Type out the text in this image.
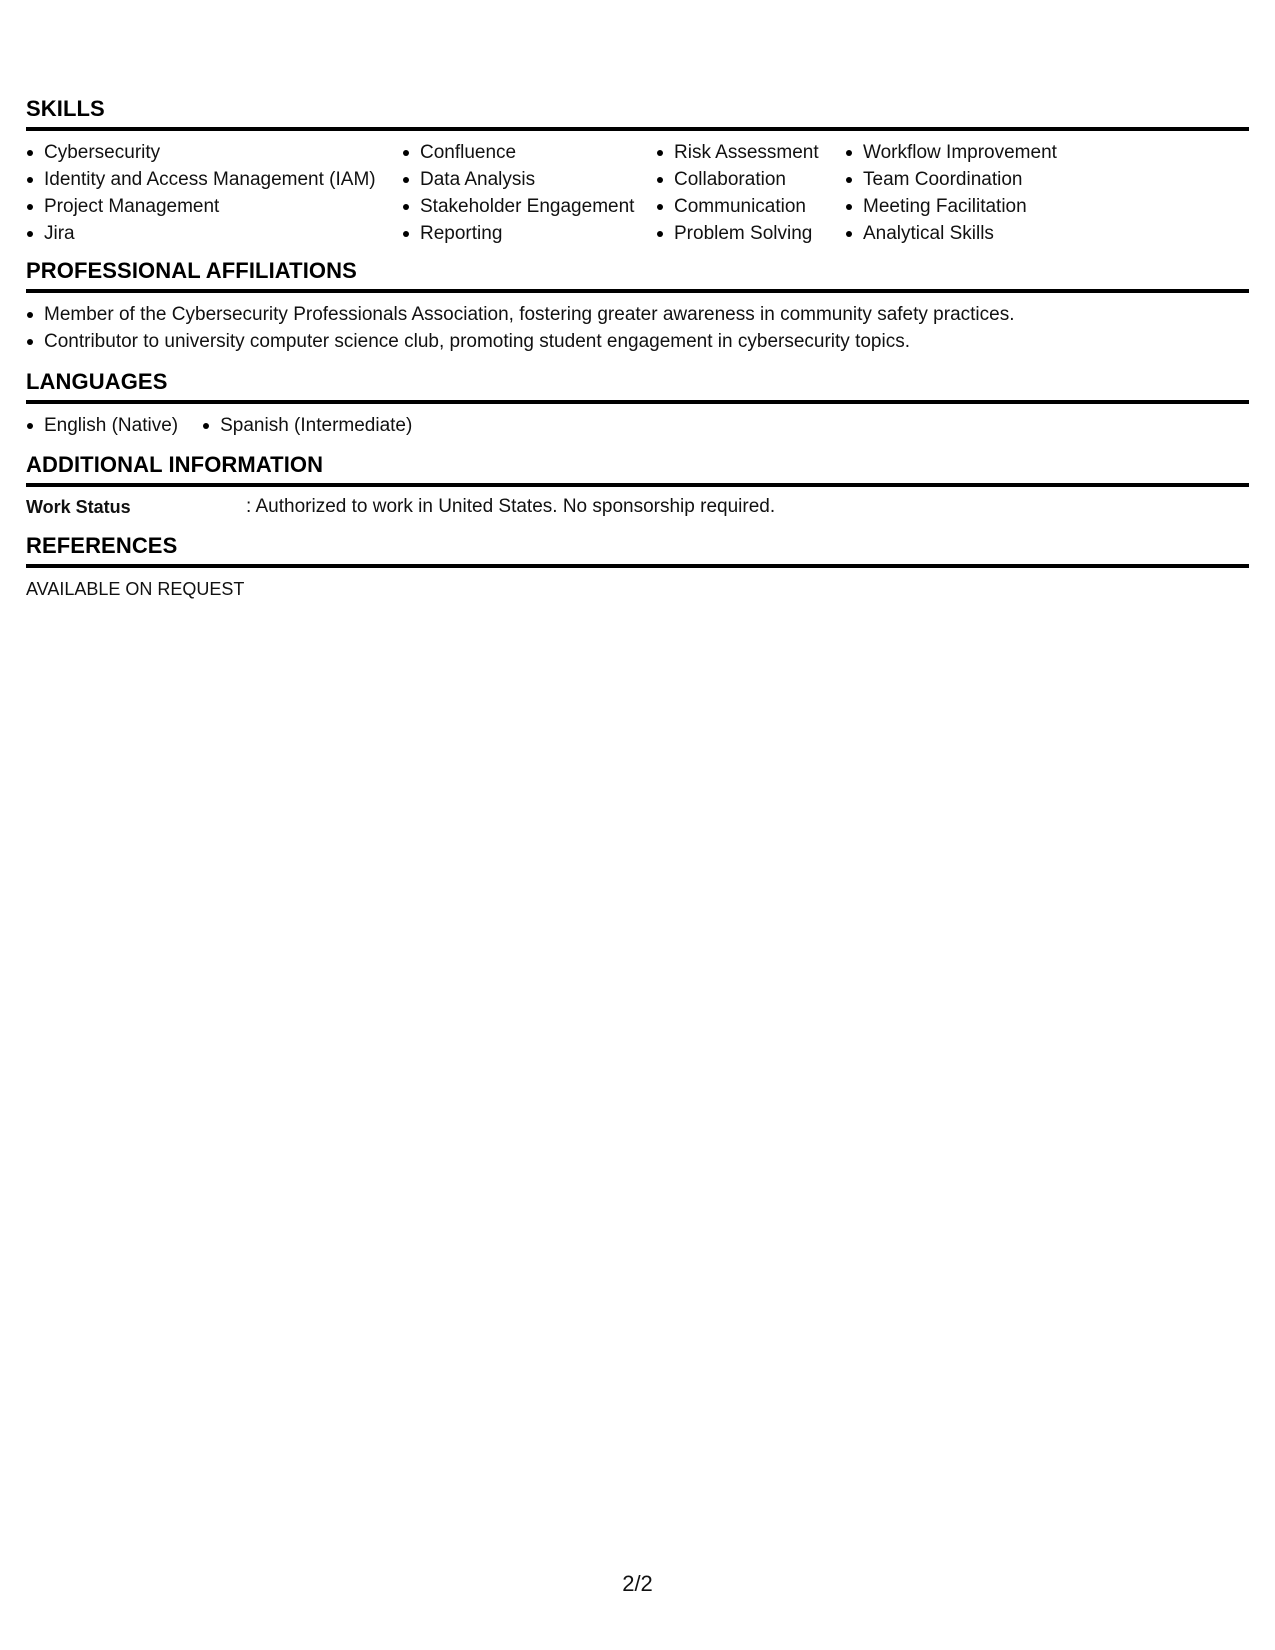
SKILLS
Cybersecurity
Identity and Access Management (IAM)
Project Management
Jira
Confluence
Data Analysis
Stakeholder Engagement
Reporting
Risk Assessment
Collaboration
Communication
Problem Solving
Workflow Improvement
Team Coordination
Meeting Facilitation
Analytical Skills
PROFESSIONAL AFFILIATIONS
Member of the Cybersecurity Professionals Association, fostering greater awareness in community safety practices.
Contributor to university computer science club, promoting student engagement in cybersecurity topics.
LANGUAGES
English (Native)	Spanish (Intermediate)
ADDITIONAL INFORMATION
Work Status	: Authorized to work in United States. No sponsorship required.
REFERENCES
AVAILABLE ON REQUEST
2/2
